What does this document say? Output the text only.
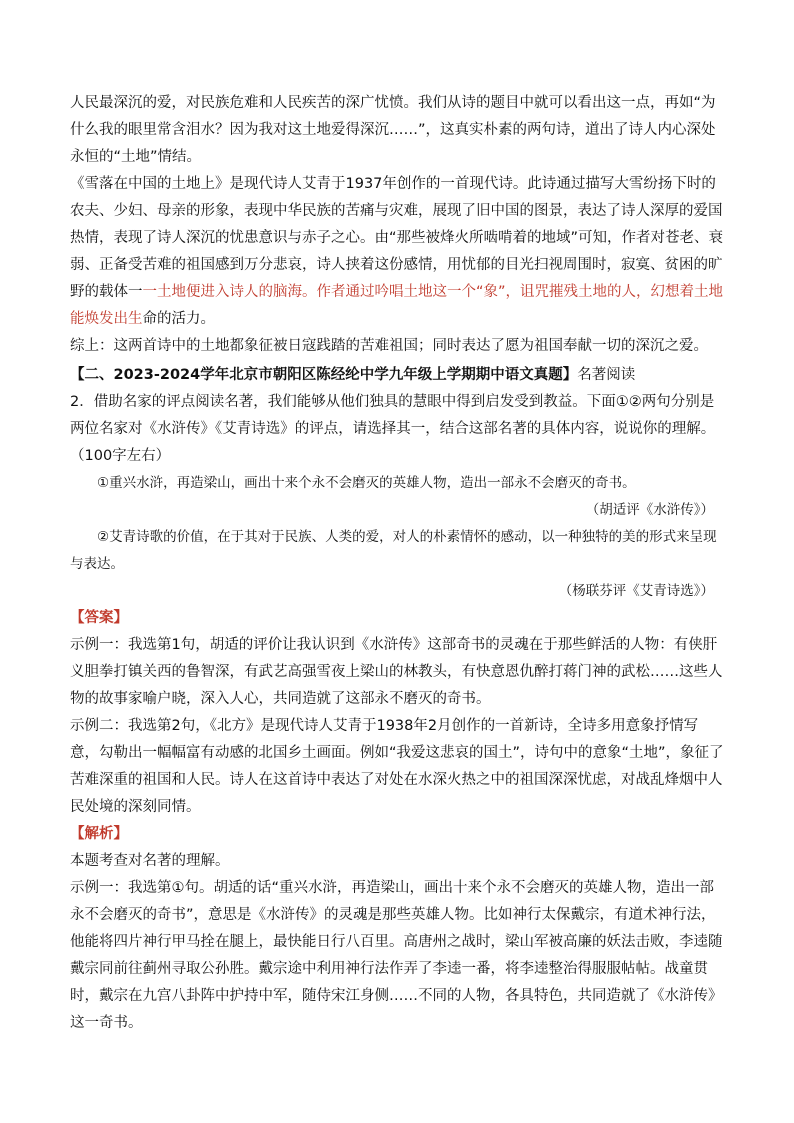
人民最深沉的爱，对民族危难和人民疾苦的深广忧愤。我们从诗的题目中就可以看出这一点，再如“为什么我的眼里常含泪水？因为我对这土地爱得深沉……”，这真实朴素的两句诗，道出了诗人内心深处永恒的“土地”情结。

《雪落在中国的土地上》是现代诗人艾青于1937年创作的一首现代诗。此诗通过描写大雪纷扬下时的农夫、少妇、母亲的形象，表现中华民族的苦痛与灾难，展现了旧中国的图景，表达了诗人深厚的爱国热情，表现了诗人深沉的忧患意识与赤子之心。由“那些被烽火所啮啃着的地域”可知，作者对苍老、衰弱、正备受苦难的祖国感到万分悲哀，诗人挟着这份感情，用忧郁的目光扫视周围时，寂寞、贫困的旷野的载体一一土地便进入诗人的脑海。作者通过吟唱土地这一个“象”，诅咒摧残土地的人，幻想着土地能焕发出生命的活力。

综上：这两首诗中的土地都象征被日寇践踏的苦难祖国；同时表达了愿为祖国奉献一切的深沉之爱。

【二、2023-2024学年北京市朝阳区陈经纶中学九年级上学期期中语文真题】名著阅读

2．借助名家的评点阅读名著，我们能够从他们独具的慧眼中得到启发受到教益。下面①②两句分别是两位名家对《水浒传》《艾青诗选》的评点，请选择其一，结合这部名著的具体内容，说说你的理解。（100字左右）

①重兴水浒，再造梁山，画出十来个永不会磨灭的英雄人物，造出一部永不会磨灭的奇书。

（胡适评《水浒传》）

②艾青诗歌的价值，在于其对于民族、人类的爱，对人的朴素情怀的感动，以一种独特的美的形式来呈现与表达。

（杨联芬评《艾青诗选》）

【答案】

示例一：我选第1句，胡适的评价让我认识到《水浒传》这部奇书的灵魂在于那些鲜活的人物：有侠肝义胆拳打镇关西的鲁智深，有武艺高强雪夜上梁山的林教头，有快意恩仇醉打蒋门神的武松……这些人物的故事家喻户晓，深入人心，共同造就了这部永不磨灭的奇书。

示例二：我选第2句，《北方》是现代诗人艾青于1938年2月创作的一首新诗，全诗多用意象抒情写意，勾勒出一幅幅富有动感的北国乡土画面。例如“我爱这悲哀的国土”，诗句中的意象“土地”，象征了苦难深重的祖国和人民。诗人在这首诗中表达了对处在水深火热之中的祖国深深忧虑，对战乱烽烟中人民处境的深刻同情。

【解析】

本题考查对名著的理解。

示例一：我选第①句。胡适的话“重兴水浒，再造梁山，画出十来个永不会磨灭的英雄人物，造出一部永不会磨灭的奇书”，意思是《水浒传》的灵魂是那些英雄人物。比如神行太保戴宗，有道术神行法，他能将四片神行甲马拴在腿上，最快能日行八百里。高唐州之战时，梁山军被高廉的妖法击败，李逵随戴宗同前往蓟州寻取公孙胜。戴宗途中利用神行法作弄了李逵一番，将李逵整治得服服帖帖。战童贯时，戴宗在九宫八卦阵中护持中军，随侍宋江身侧……不同的人物，各具特色，共同造就了《水浒传》这一奇书。
